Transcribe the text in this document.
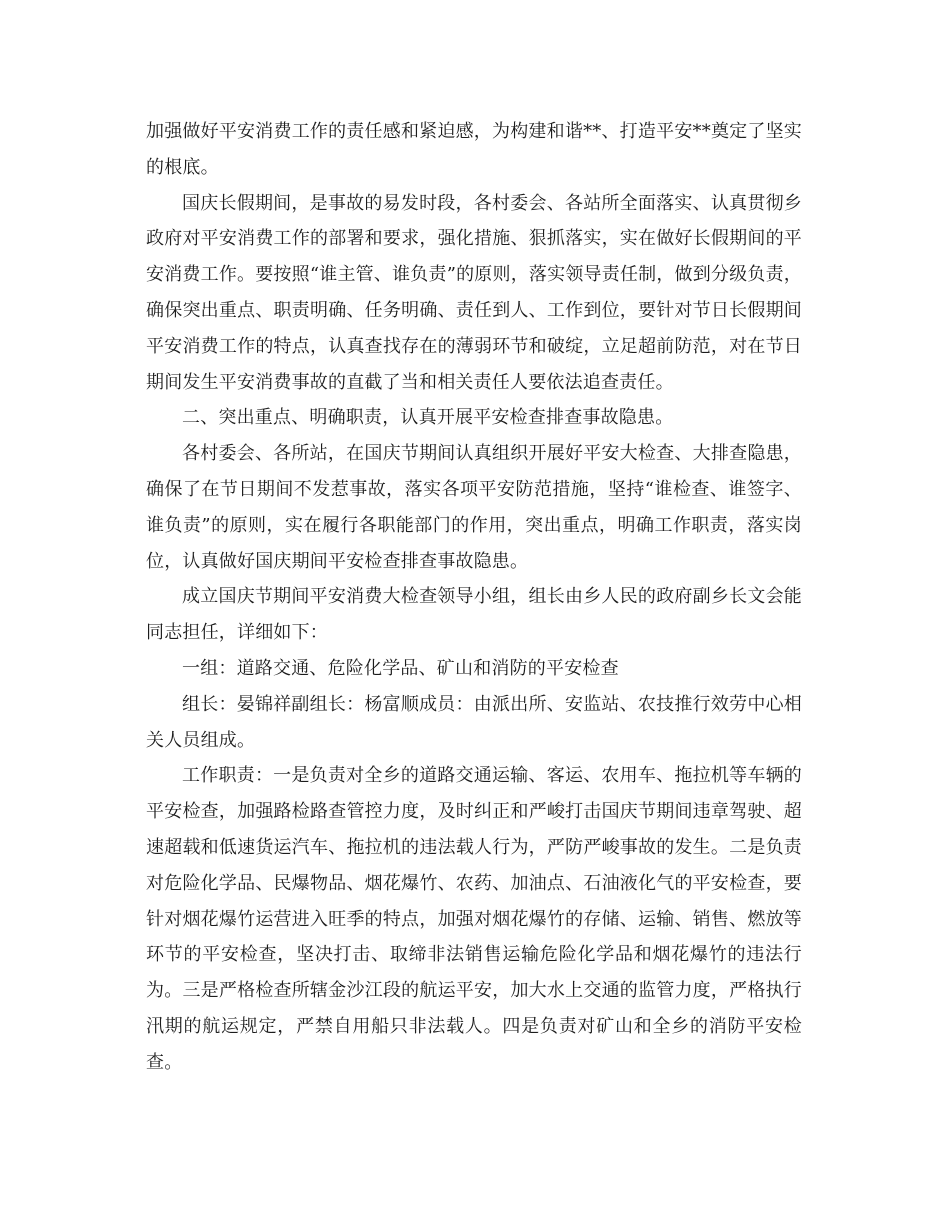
加强做好平安消费工作的责任感和紧迫感，为构建和谐**、打造平安**奠定了坚实的根底。

国庆长假期间，是事故的易发时段，各村委会、各站所全面落实、认真贯彻乡政府对平安消费工作的部署和要求，强化措施、狠抓落实，实在做好长假期间的平安消费工作。要按照“谁主管、谁负责”的原则，落实领导责任制，做到分级负责，确保突出重点、职责明确、任务明确、责任到人、工作到位，要针对节日长假期间平安消费工作的特点，认真查找存在的薄弱环节和破绽，立足超前防范，对在节日期间发生平安消费事故的直截了当和相关责任人要依法追查责任。

二、突出重点、明确职责，认真开展平安检查排查事故隐患。

各村委会、各所站，在国庆节期间认真组织开展好平安大检查、大排查隐患，确保了在节日期间不发惹事故，落实各项平安防范措施，坚持“谁检查、谁签字、谁负责”的原则，实在履行各职能部门的作用，突出重点，明确工作职责，落实岗位，认真做好国庆期间平安检查排查事故隐患。

成立国庆节期间平安消费大检查领导小组，组长由乡人民的政府副乡长文会能同志担任，详细如下：

一组：道路交通、危险化学品、矿山和消防的平安检查

组长：晏锦祥副组长：杨富顺成员：由派出所、安监站、农技推行效劳中心相关人员组成。

工作职责：一是负责对全乡的道路交通运输、客运、农用车、拖拉机等车辆的平安检查，加强路检路查管控力度，及时纠正和严峻打击国庆节期间违章驾驶、超速超载和低速货运汽车、拖拉机的违法载人行为，严防严峻事故的发生。二是负责对危险化学品、民爆物品、烟花爆竹、农药、加油点、石油液化气的平安检查，要针对烟花爆竹运营进入旺季的特点，加强对烟花爆竹的存储、运输、销售、燃放等环节的平安检查，坚决打击、取缔非法销售运输危险化学品和烟花爆竹的违法行为。三是严格检查所辖金沙江段的航运平安，加大水上交通的监管力度，严格执行汛期的航运规定，严禁自用船只非法载人。四是负责对矿山和全乡的消防平安检查。
